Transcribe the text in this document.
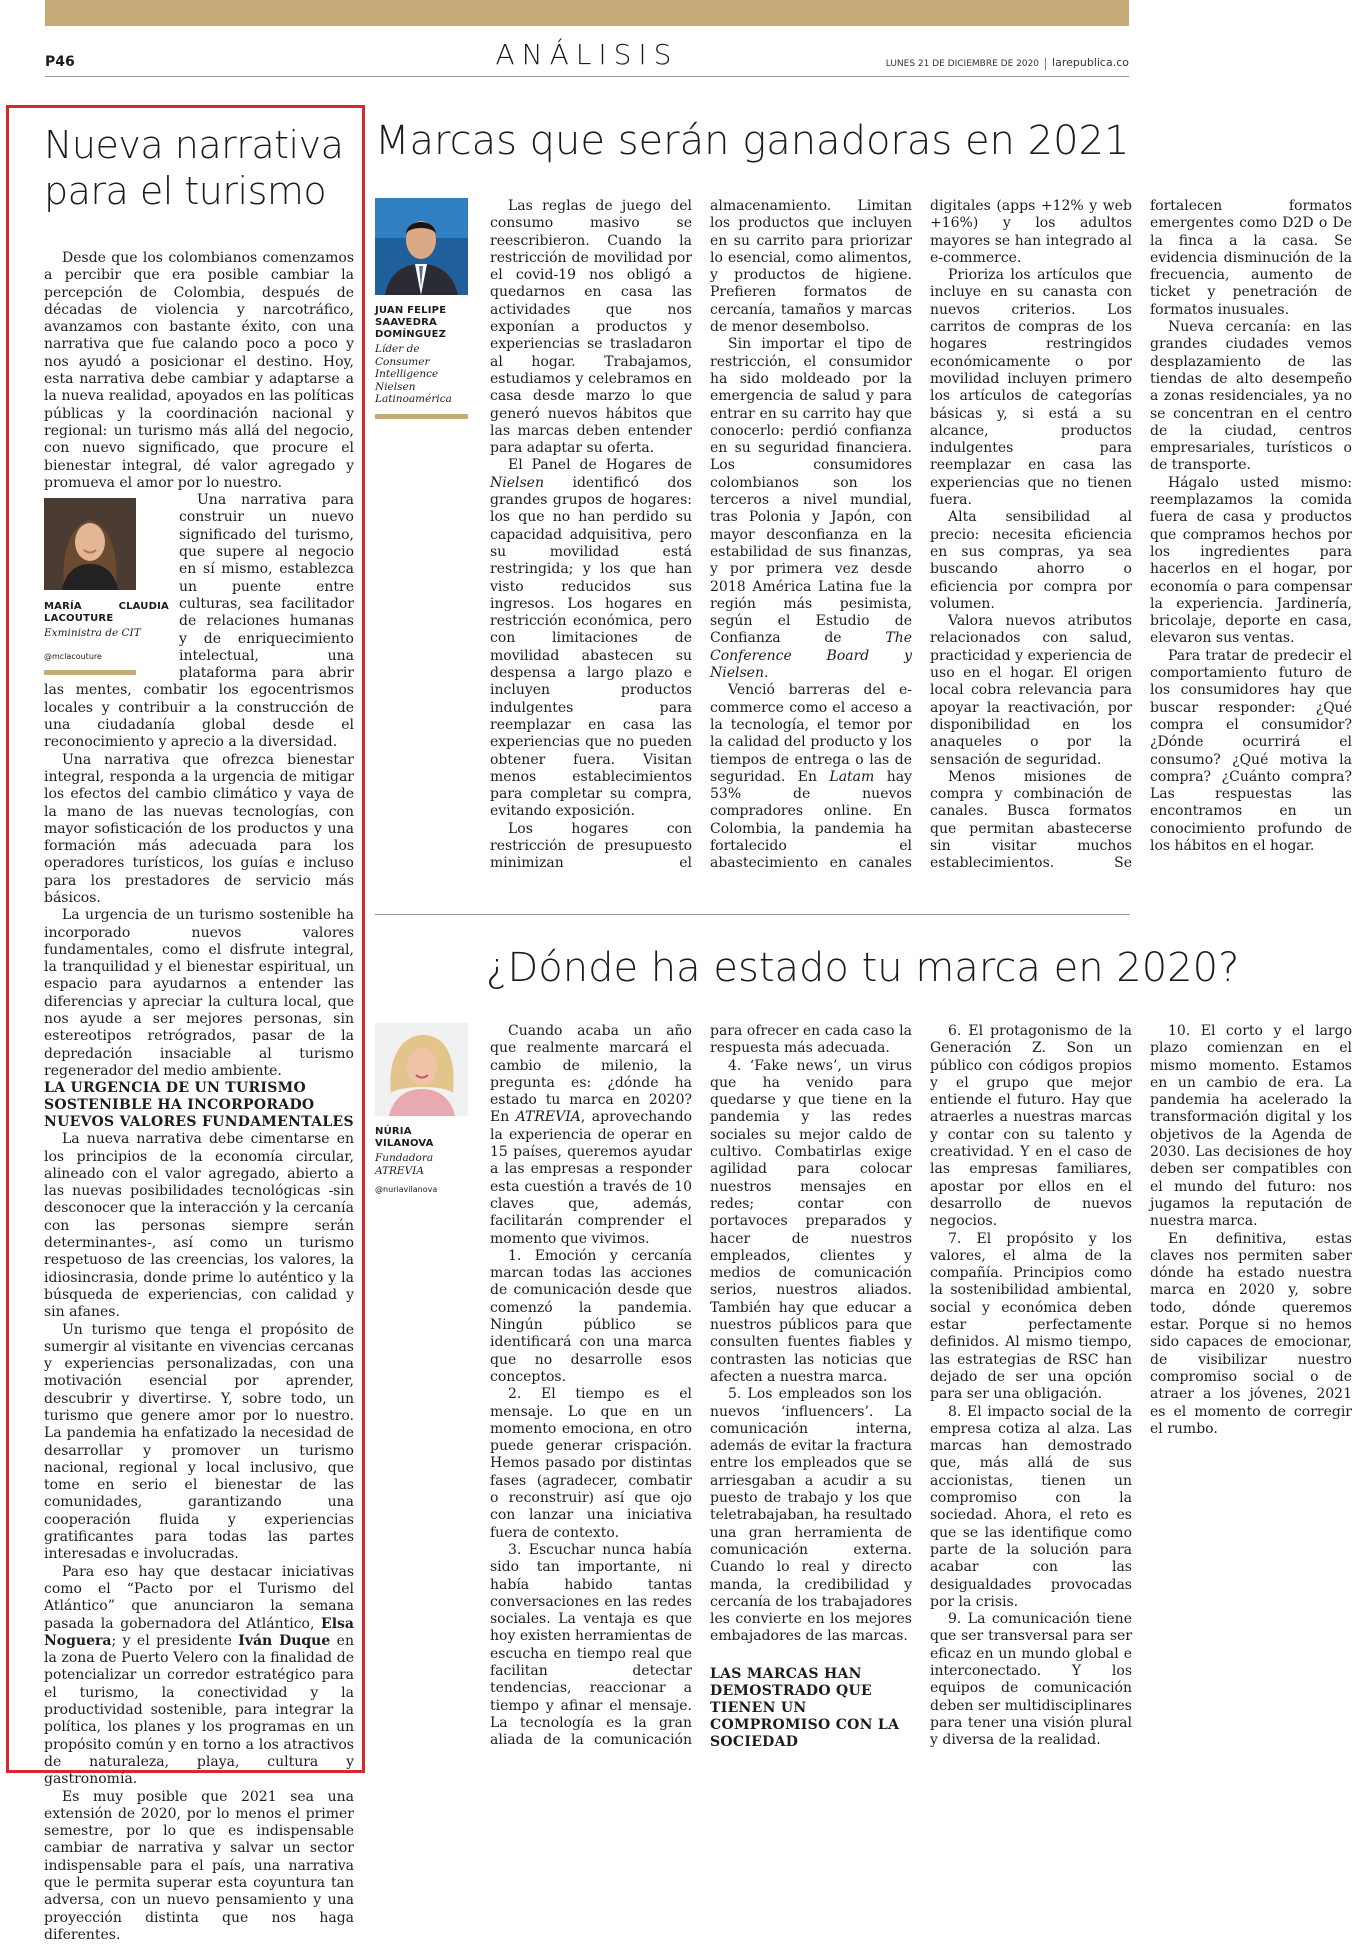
P46	ANÁLISIS	LUNES 21 DE DICIEMBRE DE 2020 larepublica.co
Nueva narrativa para el turismo

Desde que los colombianos comenzamos a percibir que era posible cambiar la percepción de Colombia, después de décadas de violencia y narcotráfico, avanzamos con bastante éxito, con una narrativa que fue calando poco a poco y nos ayudó a posicionar el destino. Hoy, esta narrativa debe cambiar y adaptarse a la nueva realidad, apoyados en las políticas públicas y la coordinación nacional y regional: un turismo más allá del negocio, con nuevo significado, que procure el bienestar integral, dé valor agregado y promueva el amor por lo nuestro.

MARÍA CLAUDIA LACOUTURE
Exministra de CIT
@mclacouture

Una narrativa para construir un nuevo significado del turismo, que supere al negocio en sí mismo, establezca un puente entre culturas, sea facilitador de relaciones humanas y de enriquecimiento intelectual, una plataforma para abrir las mentes, combatir los egocentrismos locales y contribuir a la construcción de una ciudadanía global desde el reconocimiento y aprecio a la diversidad.

Una narrativa que ofrezca bienestar integral, responda a la urgencia de mitigar los efectos del cambio climático y vaya de la mano de las nuevas tecnologías, con mayor sofisticación de los productos y una formación más adecuada para los operadores turísticos, los guías e incluso para los prestadores de servicio más básicos.

La urgencia de un turismo sostenible ha incorporado nuevos valores fundamentales, como el disfrute integral, la tranquilidad y el bienestar espiritual, un espacio para ayudarnos a entender las diferencias y apreciar la cultura local, que nos ayude a ser mejores personas, sin estereotipos retrógrados, pasar de la depredación insaciable al turismo regenerador del medio ambiente.

LA URGENCIA DE UN TURISMO SOSTENIBLE HA INCORPORADO NUEVOS VALORES FUNDAMENTALES

La nueva narrativa debe cimentarse en los principios de la economía circular, alineado con el valor agregado, abierto a las nuevas posibilidades tecnológicas -sin desconocer que la interacción y la cercanía con las personas siempre serán determinantes-, así como un turismo respetuoso de las creencias, los valores, la idiosincrasia, donde prime lo auténtico y la búsqueda de experiencias, con calidad y sin afanes.

Un turismo que tenga el propósito de sumergir al visitante en vivencias cercanas y experiencias personalizadas, con una motivación esencial por aprender, descubrir y divertirse. Y, sobre todo, un turismo que genere amor por lo nuestro. La pandemia ha enfatizado la necesidad de desarrollar y promover un turismo nacional, regional y local inclusivo, que tome en serio el bienestar de las comunidades, garantizando una cooperación fluida y experiencias gratificantes para todas las partes interesadas e involucradas.

Para eso hay que destacar iniciativas como el “Pacto por el Turismo del Atlántico” que anunciaron la semana pasada la gobernadora del Atlántico, Elsa Noguera; y el presidente Iván Duque en la zona de Puerto Velero con la finalidad de potencializar un corredor estratégico para el turismo, la conectividad y la productividad sostenible, para integrar la política, los planes y los programas en un propósito común y en torno a los atractivos de naturaleza, playa, cultura y gastronomía.

Es muy posible que 2021 sea una extensión de 2020, por lo menos el primer semestre, por lo que es indispensable cambiar de narrativa y salvar un sector indispensable para el país, una narrativa que le permita superar esta coyuntura tan adversa, con un nuevo pensamiento y una proyección distinta que nos haga diferentes.

Marcas que serán ganadoras en 2021
JUAN FELIPE SAAVEDRA DOMÍNGUEZ
Líder de Consumer Intelligence Nielsen Latinoamérica

Las reglas de juego del consumo masivo se reescribieron. Cuando la restricción de movilidad por el covid-19 nos obligó a quedarnos en casa las actividades que nos exponían a productos y experiencias se trasladaron al hogar. Trabajamos, estudiamos y celebramos en casa desde marzo lo que generó nuevos hábitos que las marcas deben entender para adaptar su oferta.

El Panel de Hogares de Nielsen identificó dos grandes grupos de hogares: los que no han perdido su capacidad adquisitiva, pero su movilidad está restringida; y los que han visto reducidos sus ingresos. Los hogares en restricción económica, pero con limitaciones de movilidad abastecen su despensa a largo plazo e incluyen productos indulgentes para reemplazar en casa las experiencias que no pueden obtener fuera. Visitan menos establecimientos para completar su compra, evitando exposición.

Los hogares con restricción de presupuesto minimizan el almacenamiento. Limitan los productos que incluyen en su carrito para priorizar lo esencial, como alimentos, y productos de higiene. Prefieren formatos de cercanía, tamaños y marcas de menor desembolso.

Sin importar el tipo de restricción, el consumidor ha sido moldeado por la emergencia de salud y para entrar en su carrito hay que conocerlo: perdió confianza en su seguridad financiera. Los consumidores colombianos son los terceros a nivel mundial, tras Polonia y Japón, con mayor desconfianza en la estabilidad de sus finanzas, y por primera vez desde 2018 América Latina fue la región más pesimista, según el Estudio de Confianza de The Conference Board y Nielsen.

Venció barreras del e-commerce como el acceso a la tecnología, el temor por la calidad del producto y los tiempos de entrega o las de seguridad. En Latam hay 53% de nuevos compradores online. En Colombia, la pandemia ha fortalecido el abastecimiento en canales digitales (apps +12% y web +16%) y los adultos mayores se han integrado al e-commerce.

Prioriza los artículos que incluye en su canasta con nuevos criterios. Los carritos de compras de los hogares restringidos económicamente o por movilidad incluyen primero los artículos de categorías básicas y, si está a su alcance, productos indulgentes para reemplazar en casa las experiencias que no tienen fuera.

Alta sensibilidad al precio: necesita eficiencia en sus compras, ya sea buscando ahorro o eficiencia por compra por volumen.

Valora nuevos atributos relacionados con salud, practicidad y experiencia de uso en el hogar. El origen local cobra relevancia para apoyar la reactivación, por disponibilidad en los anaqueles o por la sensación de seguridad.

Menos misiones de compra y combinación de canales. Busca formatos que permitan abastecerse sin visitar muchos establecimientos. Se fortalecen formatos emergentes como D2D o De la finca a la casa. Se evidencia disminución de la frecuencia, aumento de ticket y penetración de formatos inusuales.

Nueva cercanía: en las grandes ciudades vemos desplazamiento de las tiendas de alto desempeño a zonas residenciales, ya no se concentran en el centro de la ciudad, centros empresariales, turísticos o de transporte.

Hágalo usted mismo: reemplazamos la comida fuera de casa y productos que compramos hechos por los ingredientes para hacerlos en el hogar, por economía o para compensar la experiencia. Jardinería, bricolaje, deporte en casa, elevaron sus ventas.

Para tratar de predecir el comportamiento futuro de los consumidores hay que buscar responder: ¿Qué compra el consumidor? ¿Dónde ocurrirá el consumo? ¿Qué motiva la compra? ¿Cuánto compra? Las respuestas las encontramos en un conocimiento profundo de los hábitos en el hogar.

¿Dónde ha estado tu marca en 2020?
NÚRIA VILANOVA
Fundadora ATREVIA
@nuriavilanova

Cuando acaba un año que realmente marcará el cambio de milenio, la pregunta es: ¿dónde ha estado tu marca en 2020? En ATREVIA, aprovechando la experiencia de operar en 15 países, queremos ayudar a las empresas a responder esta cuestión a través de 10 claves que, además, facilitarán comprender el momento que vivimos.

1. Emoción y cercanía marcan todas las acciones de comunicación desde que comenzó la pandemia. Ningún público se identificará con una marca que no desarrolle esos conceptos.

2. El tiempo es el mensaje. Lo que en un momento emociona, en otro puede generar crispación. Hemos pasado por distintas fases (agradecer, combatir o reconstruir) así que ojo con lanzar una iniciativa fuera de contexto.

3. Escuchar nunca había sido tan importante, ni había habido tantas conversaciones en las redes sociales. La ventaja es que hoy existen herramientas de escucha en tiempo real que facilitan detectar tendencias, reaccionar a tiempo y afinar el mensaje. La tecnología es la gran aliada de la comunicación para ofrecer en cada caso la respuesta más adecuada.

4. ‘Fake news’, un virus que ha venido para quedarse y que tiene en la pandemia y las redes sociales su mejor caldo de cultivo. Combatirlas exige agilidad para colocar nuestros mensajes en redes; contar con portavoces preparados y hacer de nuestros empleados, clientes y medios de comunicación serios, nuestros aliados. También hay que educar a nuestros públicos para que consulten fuentes fiables y contrasten las noticias que afecten a nuestra marca.

5. Los empleados son los nuevos ‘influencers’. La comunicación interna, además de evitar la fractura entre los empleados que se arriesgaban a acudir a su puesto de trabajo y los que teletrabajaban, ha resultado una gran herramienta de comunicación externa. Cuando lo real y directo manda, la credibilidad y cercanía de los trabajadores les convierte en los mejores embajadores de las marcas.

LAS MARCAS HAN DEMOSTRADO QUE TIENEN UN COMPROMISO CON LA SOCIEDAD

6. El protagonismo de la Generación Z. Son un público con códigos propios y el grupo que mejor entiende el futuro. Hay que atraerles a nuestras marcas y contar con su talento y creatividad. Y en el caso de las empresas familiares, apostar por ellos en el desarrollo de nuevos negocios.

7. El propósito y los valores, el alma de la compañía. Principios como la sostenibilidad ambiental, social y económica deben estar perfectamente definidos. Al mismo tiempo, las estrategias de RSC han dejado de ser una opción para ser una obligación.

8. El impacto social de la empresa cotiza al alza. Las marcas han demostrado que, más allá de sus accionistas, tienen un compromiso con la sociedad. Ahora, el reto es que se las identifique como parte de la solución para acabar con las desigualdades provocadas por la crisis.

9. La comunicación tiene que ser transversal para ser eficaz en un mundo global e interconectado. Y los equipos de comunicación deben ser multidisciplinares para tener una visión plural y diversa de la realidad.

10. El corto y el largo plazo comienzan en el mismo momento. Estamos en un cambio de era. La pandemia ha acelerado la transformación digital y los objetivos de la Agenda de 2030. Las decisiones de hoy deben ser compatibles con el mundo del futuro: nos jugamos la reputación de nuestra marca.

En definitiva, estas claves nos permiten saber dónde ha estado nuestra marca en 2020 y, sobre todo, dónde queremos estar. Porque si no hemos sido capaces de emocionar, de visibilizar nuestro compromiso social o de atraer a los jóvenes, 2021 es el momento de corregir el rumbo.
